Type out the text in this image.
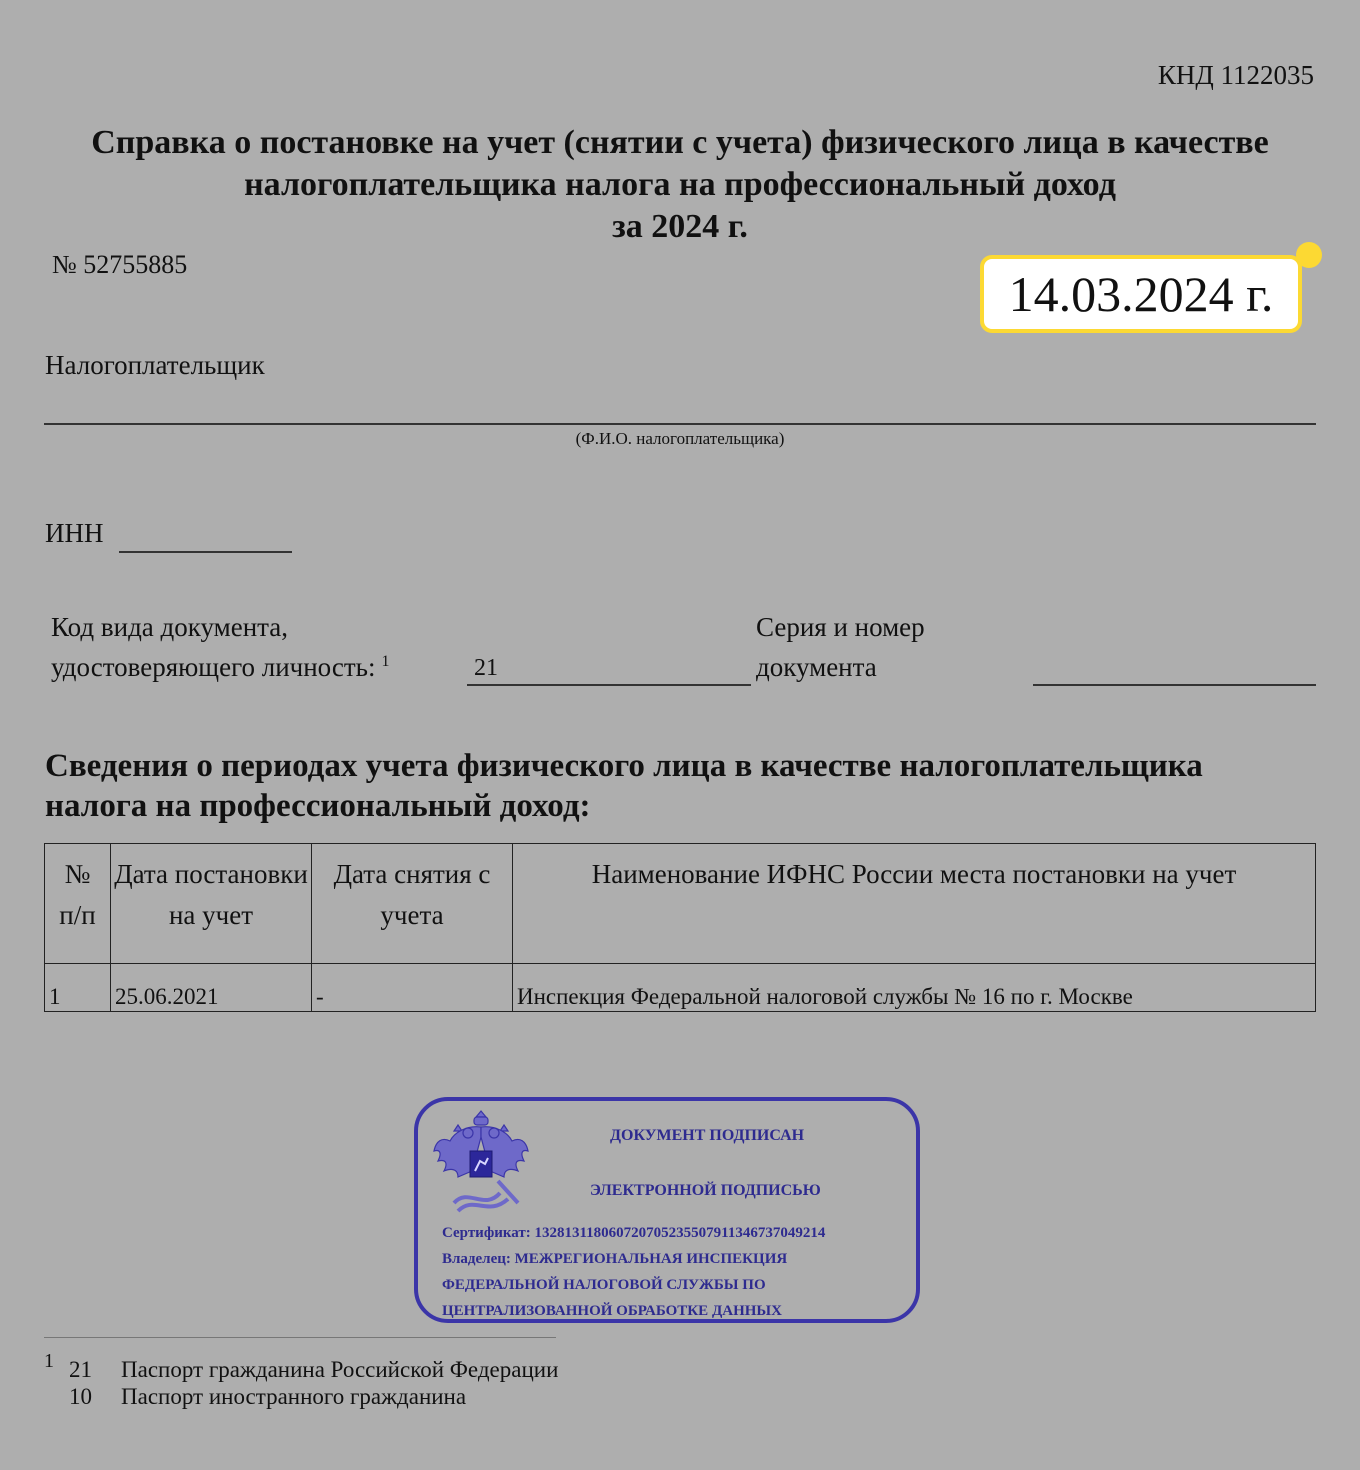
КНД 1122035
Справка о постановке на учет (снятии с учета) физического лица в качестве
налогоплательщика налога на профессиональный доход
за 2024 г.
№ 52755885
14.03.2024 г.
Налогоплательщик
(Ф.И.О. налогоплательщика)
ИНН
Код вида документа,
удостоверяющего личность: $^1$	21
Серия и номер
документа
Сведения о периодах учета физического лица в качестве налогоплательщика
налога на профессиональный доход:
№ п/п	Дата постановки на учет	Дата снятия с учета	Наименование ИФНС России места постановки на учет
1	25.06.2021	-	Инспекция Федеральной налоговой службы № 16 по г. Москве
ДОКУМЕНТ ПОДПИСАН
ЭЛЕКТРОННОЙ ПОДПИСЬЮ
Сертификат: 132813118060720705235507911346737049214
Владелец: МЕЖРЕГИОНАЛЬНАЯ ИНСПЕКЦИЯ
ФЕДЕРАЛЬНОЙ НАЛОГОВОЙ СЛУЖБЫ ПО
ЦЕНТРАЛИЗОВАННОЙ ОБРАБОТКЕ ДАННЫХ
1 21 Паспорт гражданина Российской Федерации
10 Паспорт иностранного гражданина
